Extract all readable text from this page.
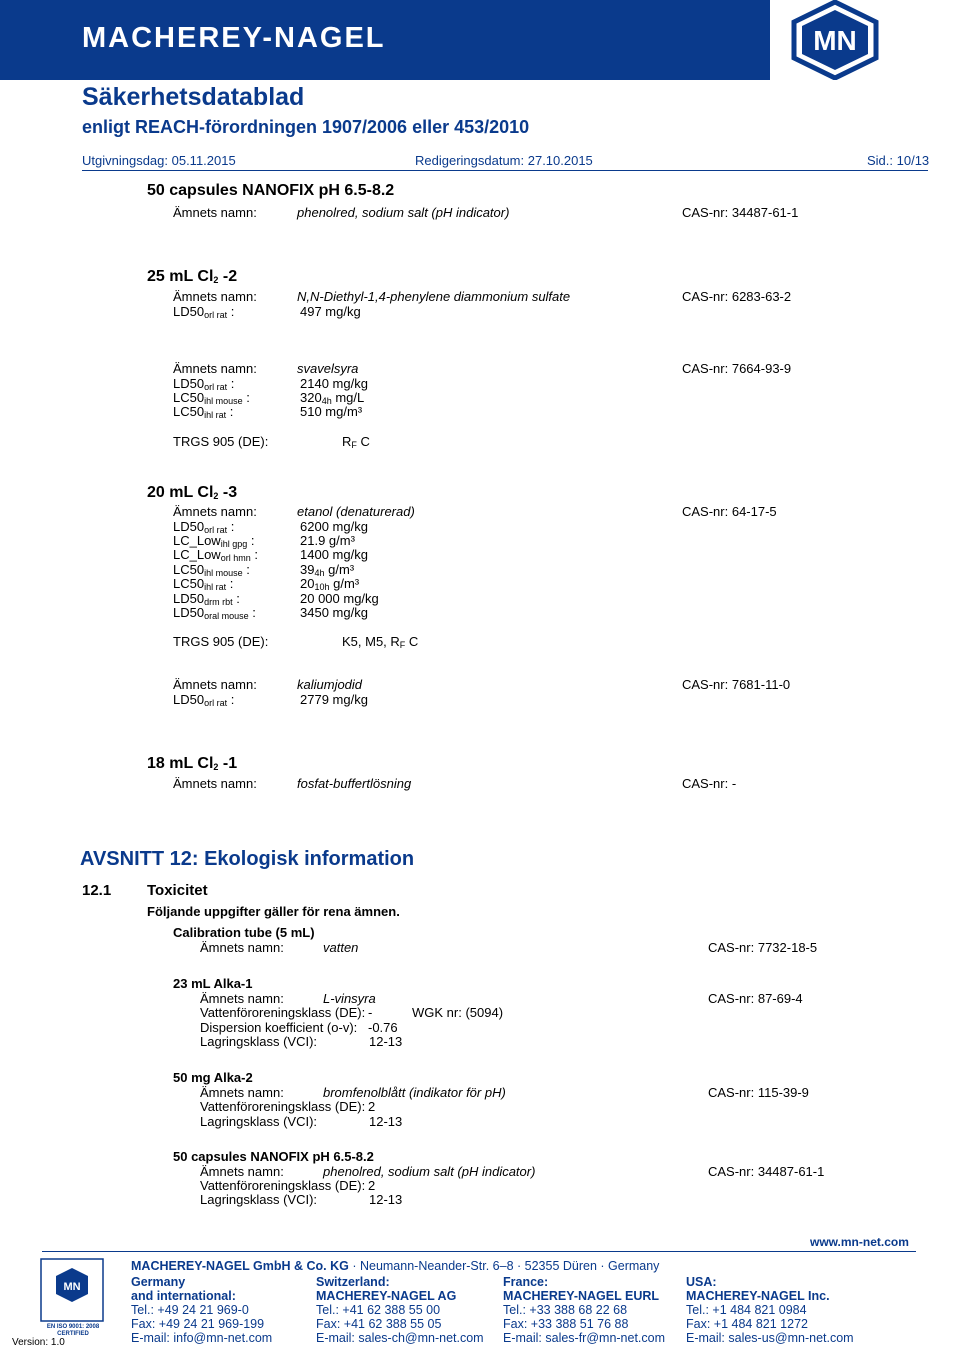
MACHEREY-NAGEL	MN
Säkerhetsdatablad
enligt REACH-förordningen 1907/2006 eller 453/2010
Utgivningsdag: 05.11.2015	Redigeringsdatum: 27.10.2015	Sid.: 10/13
50 capsules NANOFIX pH 6.5-8.2
Ämnets namn:	phenolred, sodium salt (pH indicator)	CAS-nr: 34487-61-1
25 mL $Cl_2$ -2
Ämnets namn:	N,N-Diethyl-1,4-phenylene diammonium sulfate	CAS-nr: 6283-63-2
$LD50_{orl rat}$ :	497 mg/kg
Ämnets namn:	svavelsyra	CAS-nr: 7664-93-9
$LD50_{orl rat}$ :	2140 mg/kg
$LC50_{ihl mouse}$ :	$320_{4h}$ mg/L
$LC50_{ihl rat}$ :	510 mg/m³
TRGS 905 (DE):	$R_F$ C
20 mL $Cl_2$ -3
Ämnets namn:	etanol (denaturerad)	CAS-nr: 64-17-5
$LD50_{orl rat}$ :	6200 mg/kg
LC_Low$_{ihl gpg}$ :	21.9 g/m³
LC_Low$_{orl hmn}$ :	1400 mg/kg
$LC50_{ihl mouse}$ :	$39_{4h}$ g/m³
$LC50_{ihl rat}$ :	$20_{10h}$ g/m³
$LD50_{drm rbt}$ :	20 000 mg/kg
$LD50_{oral mouse}$ :	3450 mg/kg
TRGS 905 (DE):	K5, M5, $R_F$ C
Ämnets namn:	kaliumjodid	CAS-nr: 7681-11-0
$LD50_{orl rat}$ :	2779 mg/kg
18 mL $Cl_2$ -1
Ämnets namn:	fosfat-buffertlösning	CAS-nr: -
AVSNITT 12: Ekologisk information
12.1 Toxicitet
Följande uppgifter gäller för rena ämnen.
Calibration tube (5 mL)
Ämnets namn:	vatten	CAS-nr: 7732-18-5
23 mL Alka-1
Ämnets namn:	L-vinsyra	CAS-nr: 87-69-4
Vattenföroreningsklass (DE): -	WGK nr: (5094)
Dispersion koefficient (o-v): -0.76
Lagringsklass (VCI):	12-13
50 mg Alka-2
Ämnets namn:	bromfenolblått (indikator för pH)	CAS-nr: 115-39-9
Vattenföroreningsklass (DE): 2
Lagringsklass (VCI):	12-13
50 capsules NANOFIX pH 6.5-8.2
Ämnets namn:	phenolred, sodium salt (pH indicator)	CAS-nr: 34487-61-1
Vattenföroreningsklass (DE): 2
Lagringsklass (VCI):	12-13
www.mn-net.com
MACHEREY-NAGEL GmbH & Co. KG · Neumann-Neander-Str. 6–8 · 52355 Düren · Germany
MN
EN ISO 9001: 2008 CERTIFIED
Version: 1.0
Germany
and international:
Tel.: +49 24 21 969-0
Fax: +49 24 21 969-199
E-mail: info@mn-net.com
Switzerland:
MACHEREY-NAGEL AG
Tel.: +41 62 388 55 00
Fax: +41 62 388 55 05
E-mail: sales-ch@mn-net.com
France:
MACHEREY-NAGEL EURL
Tel.: +33 388 68 22 68
Fax: +33 388 51 76 88
E-mail: sales-fr@mn-net.com
USA:
MACHEREY-NAGEL Inc.
Tel.: +1 484 821 0984
Fax: +1 484 821 1272
E-mail: sales-us@mn-net.com
